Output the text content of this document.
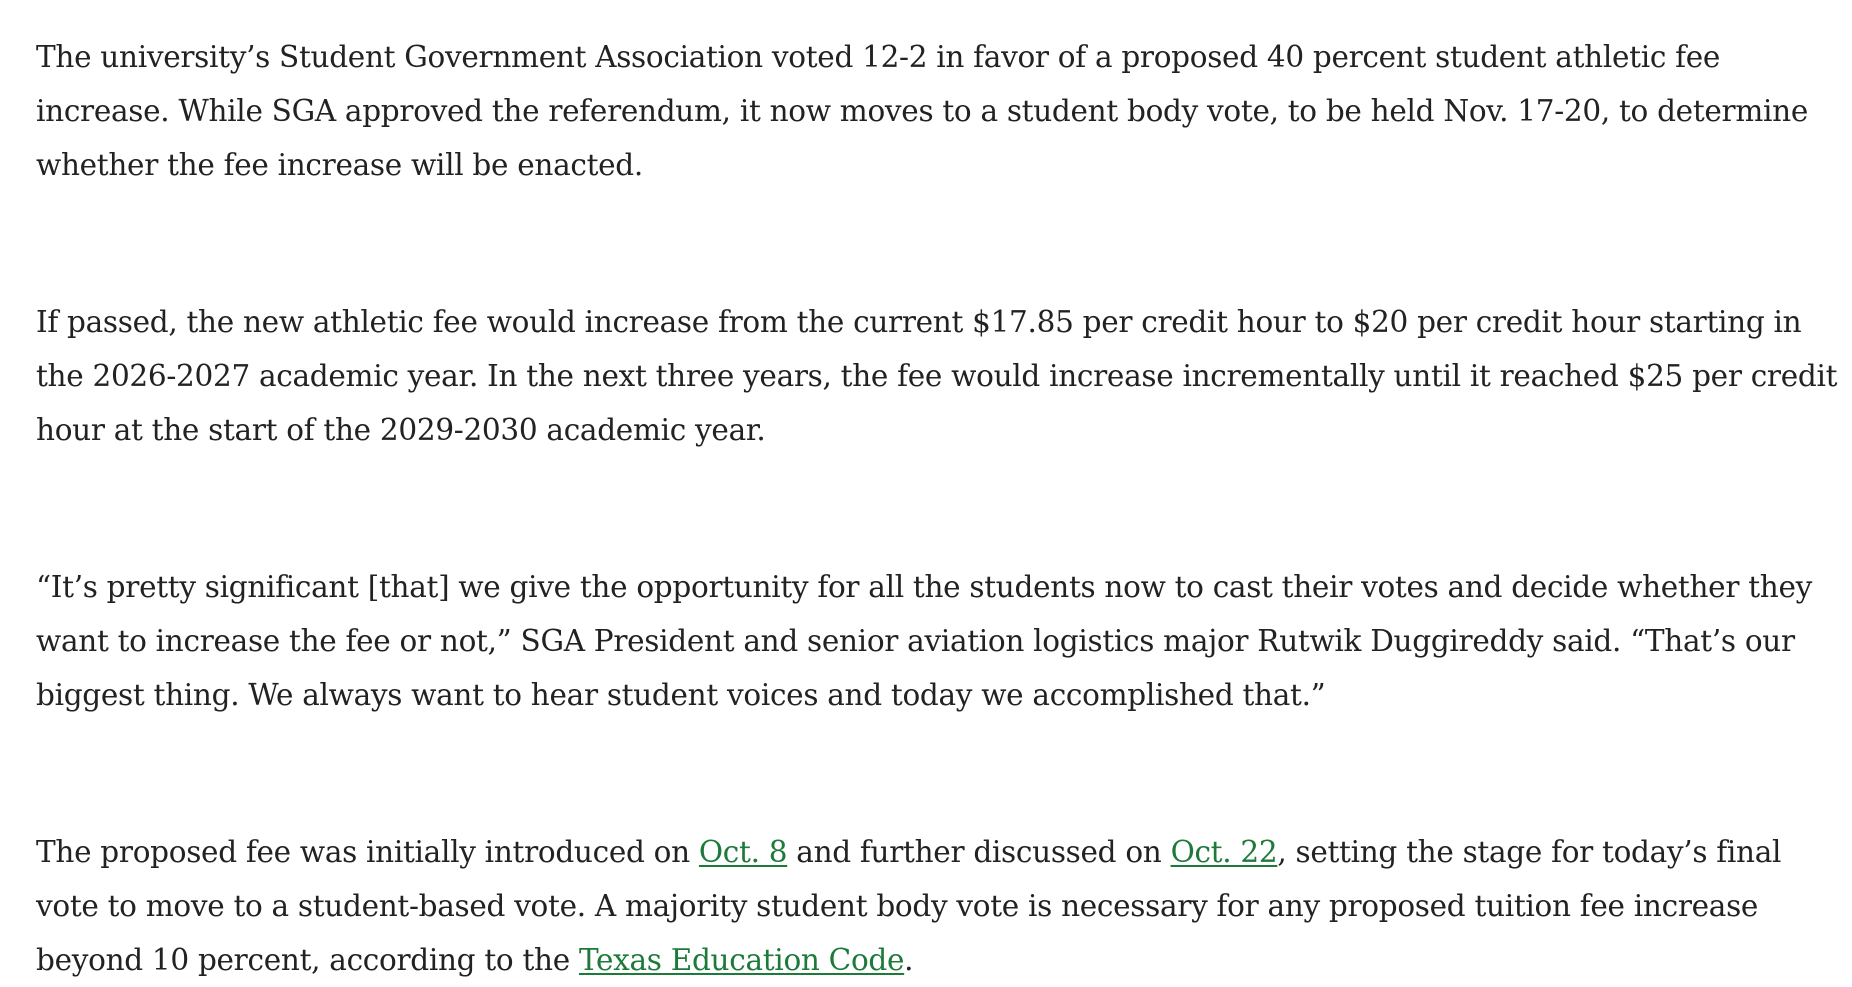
The university’s Student Government Association voted 12-2 in favor of a proposed 40 percent student athletic fee
increase. While SGA approved the referendum, it now moves to a student body vote, to be held Nov. 17-20, to determine
whether the fee increase will be enacted.

If passed, the new athletic fee would increase from the current $17.85 per credit hour to $20 per credit hour starting in
the 2026-2027 academic year. In the next three years, the fee would increase incrementally until it reached $25 per credit
hour at the start of the 2029-2030 academic year.

“It’s pretty significant [that] we give the opportunity for all the students now to cast their votes and decide whether they
want to increase the fee or not,” SGA President and senior aviation logistics major Rutwik Duggireddy said. “That’s our
biggest thing. We always want to hear student voices and today we accomplished that.”

The proposed fee was initially introduced on Oct. 8 and further discussed on Oct. 22, setting the stage for today’s final
vote to move to a student-based vote. A majority student body vote is necessary for any proposed tuition fee increase
beyond 10 percent, according to the Texas Education Code.
